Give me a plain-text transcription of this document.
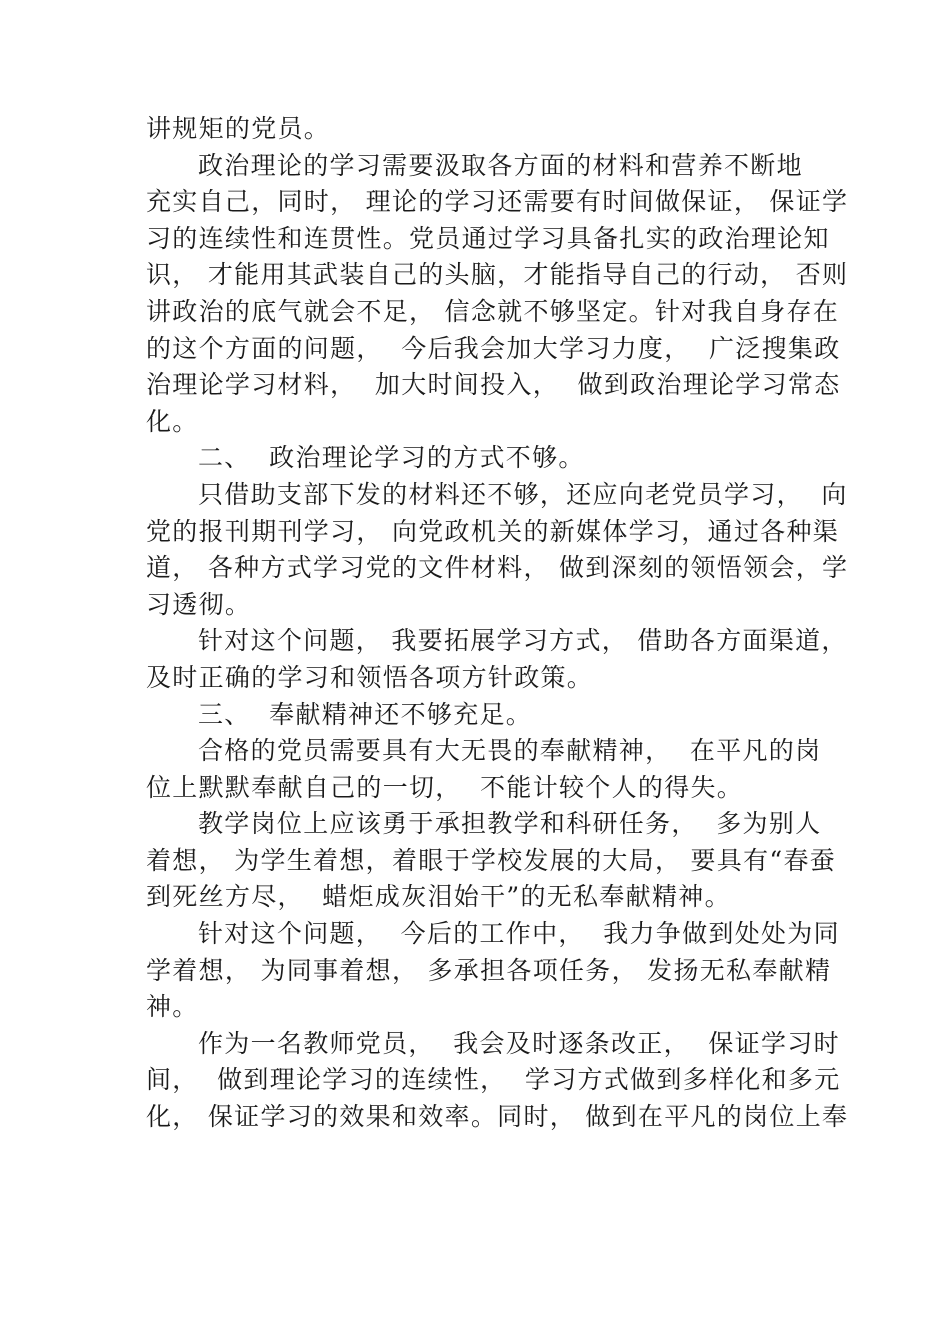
讲规矩的党员。
政治理论的学习需要汲取各方面的材料和营养不断地
充实自己，同时， 理论的学习还需要有时间做保证， 保证学
习的连续性和连贯性。党员通过学习具备扎实的政治理论知
识， 才能用其武装自己的头脑，才能指导自己的行动， 否则
讲政治的底气就会不足， 信念就不够坚定。针对我自身存在
的这个方面的问题，  今后我会加大学习力度，  广泛搜集政
治理论学习材料，  加大时间投入，  做到政治理论学习常态
化。
二、  政治理论学习的方式不够。
只借助支部下发的材料还不够，还应向老党员学习，  向
党的报刊期刊学习， 向党政机关的新媒体学习，通过各种渠
道， 各种方式学习党的文件材料， 做到深刻的领悟领会，学
习透彻。
针对这个问题， 我要拓展学习方式， 借助各方面渠道，
及时正确的学习和领悟各项方针政策。
三、  奉献精神还不够充足。
合格的党员需要具有大无畏的奉献精神，  在平凡的岗
位上默默奉献自己的一切，  不能计较个人的得失。
教学岗位上应该勇于承担教学和科研任务，  多为别人
着想， 为学生着想，着眼于学校发展的大局， 要具有“春蚕
到死丝方尽，  蜡炬成灰泪始干”的无私奉献精神。
针对这个问题，  今后的工作中，  我力争做到处处为同
学着想， 为同事着想， 多承担各项任务， 发扬无私奉献精
神。
作为一名教师党员，  我会及时逐条改正，  保证学习时
间，  做到理论学习的连续性，  学习方式做到多样化和多元
化， 保证学习的效果和效率。同时， 做到在平凡的岗位上奉
